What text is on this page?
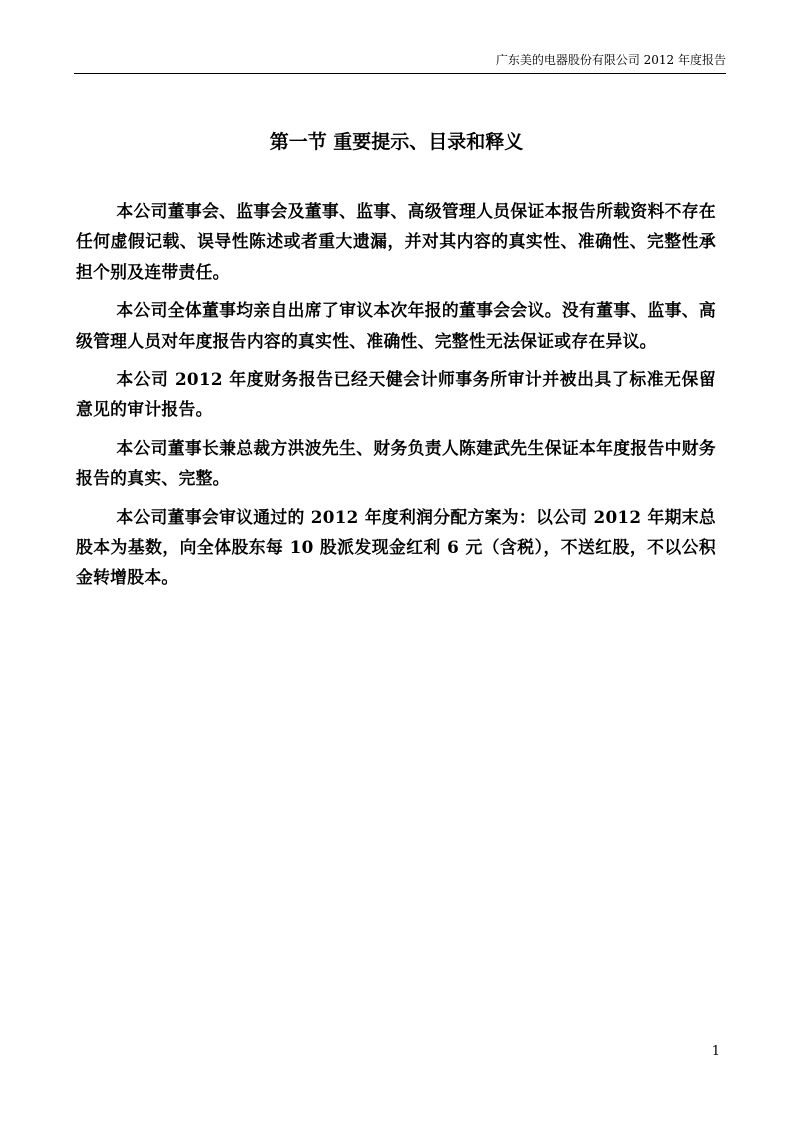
广东美的电器股份有限公司 2012 年度报告
第一节 重要提示、目录和释义

本公司董事会、监事会及董事、监事、高级管理人员保证本报告所载资料不存在任何虚假记载、误导性陈述或者重大遗漏，并对其内容的真实性、准确性、完整性承担个别及连带责任。

本公司全体董事均亲自出席了审议本次年报的董事会会议。没有董事、监事、高级管理人员对年度报告内容的真实性、准确性、完整性无法保证或存在异议。

本公司 2012 年度财务报告已经天健会计师事务所审计并被出具了标准无保留意见的审计报告。

本公司董事长兼总裁方洪波先生、财务负责人陈建武先生保证本年度报告中财务报告的真实、完整。

本公司董事会审议通过的 2012 年度利润分配方案为：以公司 2012 年期末总股本为基数，向全体股东每 10 股派发现金红利 6 元（含税），不送红股，不以公积金转增股本。

1
